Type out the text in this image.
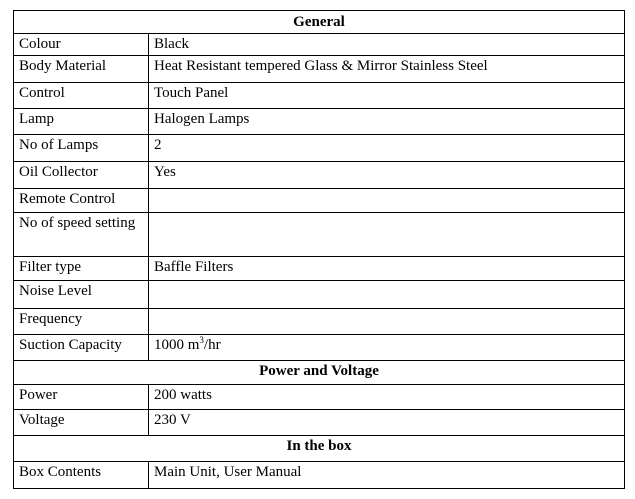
General	
Colour	Black
Body Material	Heat Resistant tempered Glass & Mirror Stainless Steel
Control	Touch Panel
Lamp	Halogen Lamps
No of Lamps	2
Oil Collector	Yes
Remote Control	
No of speed setting	
Filter type	Baffle Filters
Noise Level	
Frequency	
Suction Capacity	1000 $m^3/hr$
Power and Voltage	
Power	200 watts
Voltage	230 V
In the box	
Box Contents	Main Unit, User Manual
